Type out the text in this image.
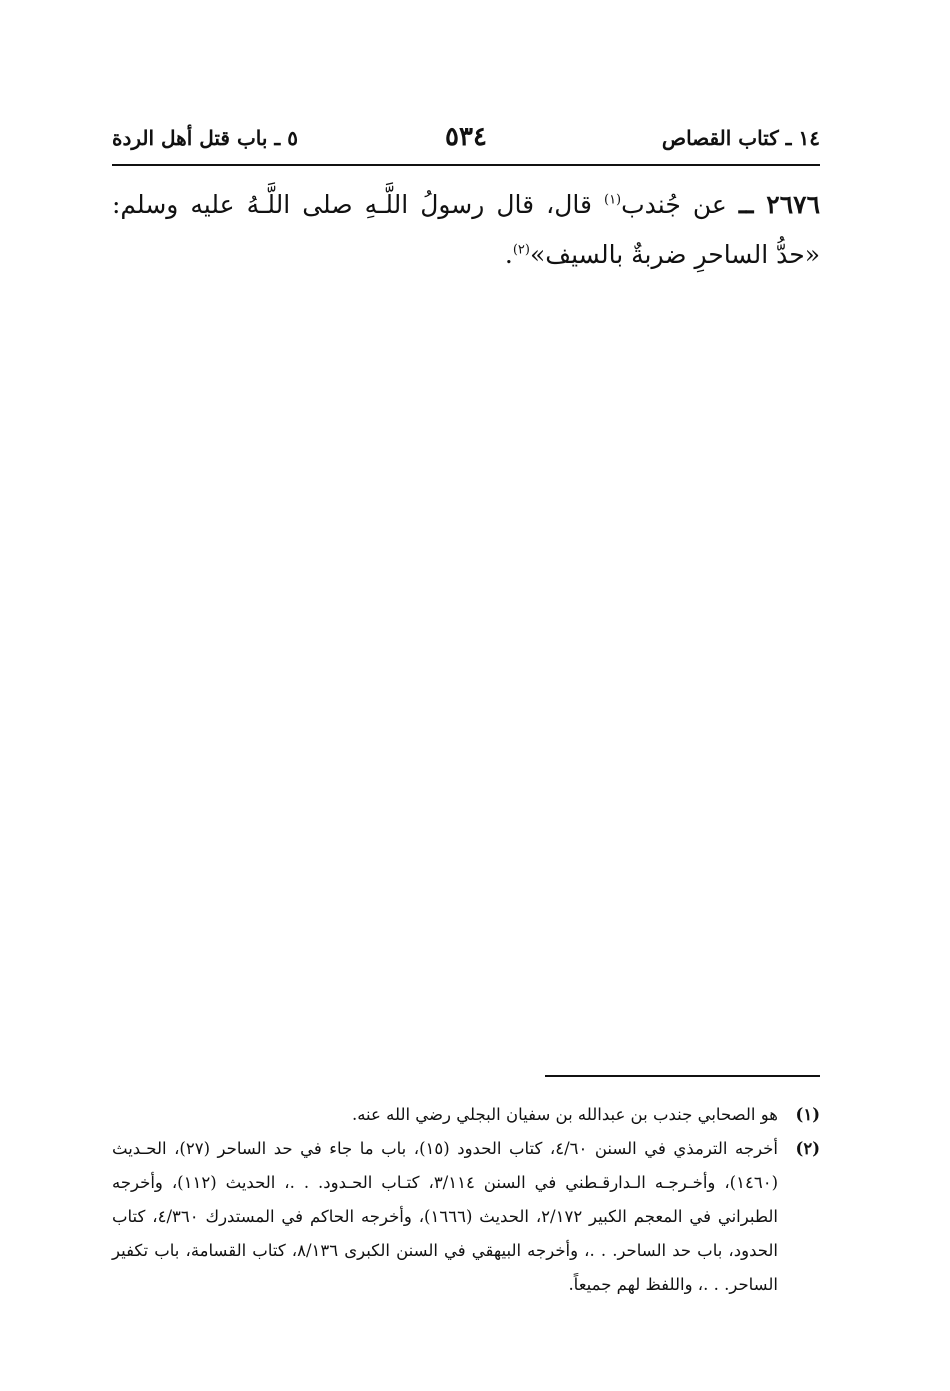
١٤ ـ كتاب القصاص
٥٣٤
٥ ـ باب قتل أهل الردة
٢٦٧٦ ــ عن جُندب$^{(١)}$ قال، قال رسولُ اللَّـهِ صلى اللَّـهُ عليه وسلم: «حدُّ الساحرِ ضربةٌ بالسيف»$^{(٢)}$.
(١)
هو الصحابي جندب بن عبدالله بن سفيان البجلي رضي الله عنه.
(٢)
أخرجه الترمذي في السنن ٤/٦٠، كتاب الحدود (١٥)، باب ما جاء في حد الساحر (٢٧)، الحـديث (١٤٦٠)، وأخـرجـه الـدارقـطني في السنن ٣/١١٤، كتـاب الحـدود. . .، الحديث (١١٢)، وأخرجه الطبراني في المعجم الكبير ٢/١٧٢، الحديث (١٦٦٦)، وأخرجه الحاكم في المستدرك ٤/٣٦٠، كتاب الحدود، باب حد الساحر. . .، وأخرجه البيهقي في السنن الكبرى ٨/١٣٦، كتاب القسامة، باب تكفير الساحر. . .، واللفظ لهم جميعاً.
